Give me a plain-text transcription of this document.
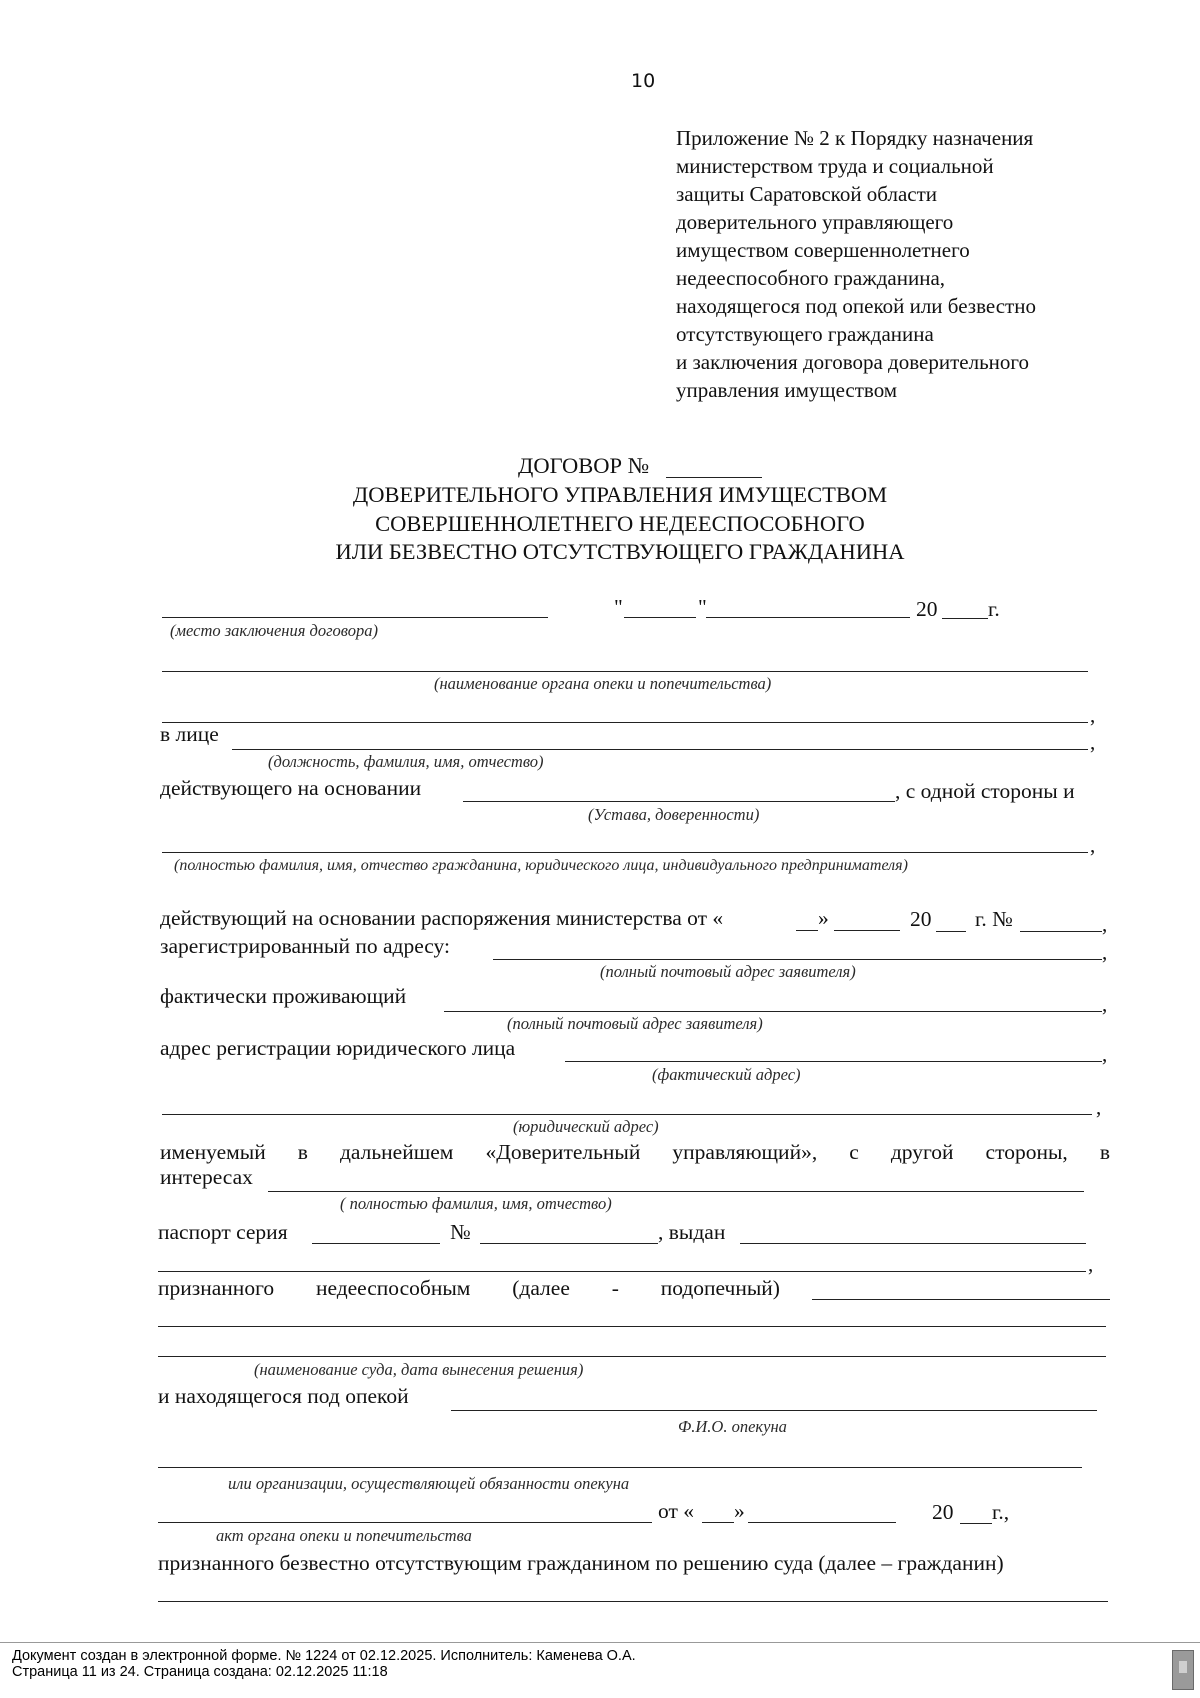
10
Приложение № 2 к Порядку назначения
министерством труда и социальной
защиты Саратовской области
доверительного управляющего
имуществом совершеннолетнего
недееспособного гражданина,
находящегося под опекой или безвестно
отсутствующего гражданина
и заключения договора доверительного
управления имуществом
ДОГОВОР №
ДОВЕРИТЕЛЬНОГО УПРАВЛЕНИЯ ИМУЩЕСТВОМ
СОВЕРШЕННОЛЕТНЕГО НЕДЕЕСПОСОБНОГО
ИЛИ БЕЗВЕСТНО ОТСУТСТВУЮЩЕГО ГРАЖДАНИНА
"	"	20 г.
(место заключения договора)
(наименование органа опеки и попечительства)
,
в лице	,
(должность, фамилия, имя, отчество)
действующего на основании	, с одной стороны и
(Устава, доверенности)
,
(полностью фамилия, имя, отчество гражданина, юридического лица, индивидуального предпринимателя)
действующий на основании распоряжения министерства от «	»	20 г. №	,
зарегистрированный по адресу:	,
(полный почтовый адрес заявителя)
фактически проживающий	,
(полный почтовый адрес заявителя)
адрес регистрации юридического лица	,
(фактический адрес)
,
(юридический адрес)
именуемый в дальнейшем «Доверительный управляющий», с другой стороны, в
интересах
( полностью фамилия, имя, отчество)
паспорт серия	№	, выдан
,
признанного недееспособным (далее - подопечный)
(наименование суда, дата вынесения решения)
и находящегося под опекой
Ф.И.О. опекуна
или организации, осуществляющей обязанности опекуна
от « »	20 г.,
акт органа опеки и попечительства
признанного безвестно отсутствующим гражданином по решению суда (далее – гражданин)
Документ создан в электронной форме. № 1224 от 02.12.2025. Исполнитель: Каменева О.А.
Страница 11 из 24. Страница создана: 02.12.2025 11:18
